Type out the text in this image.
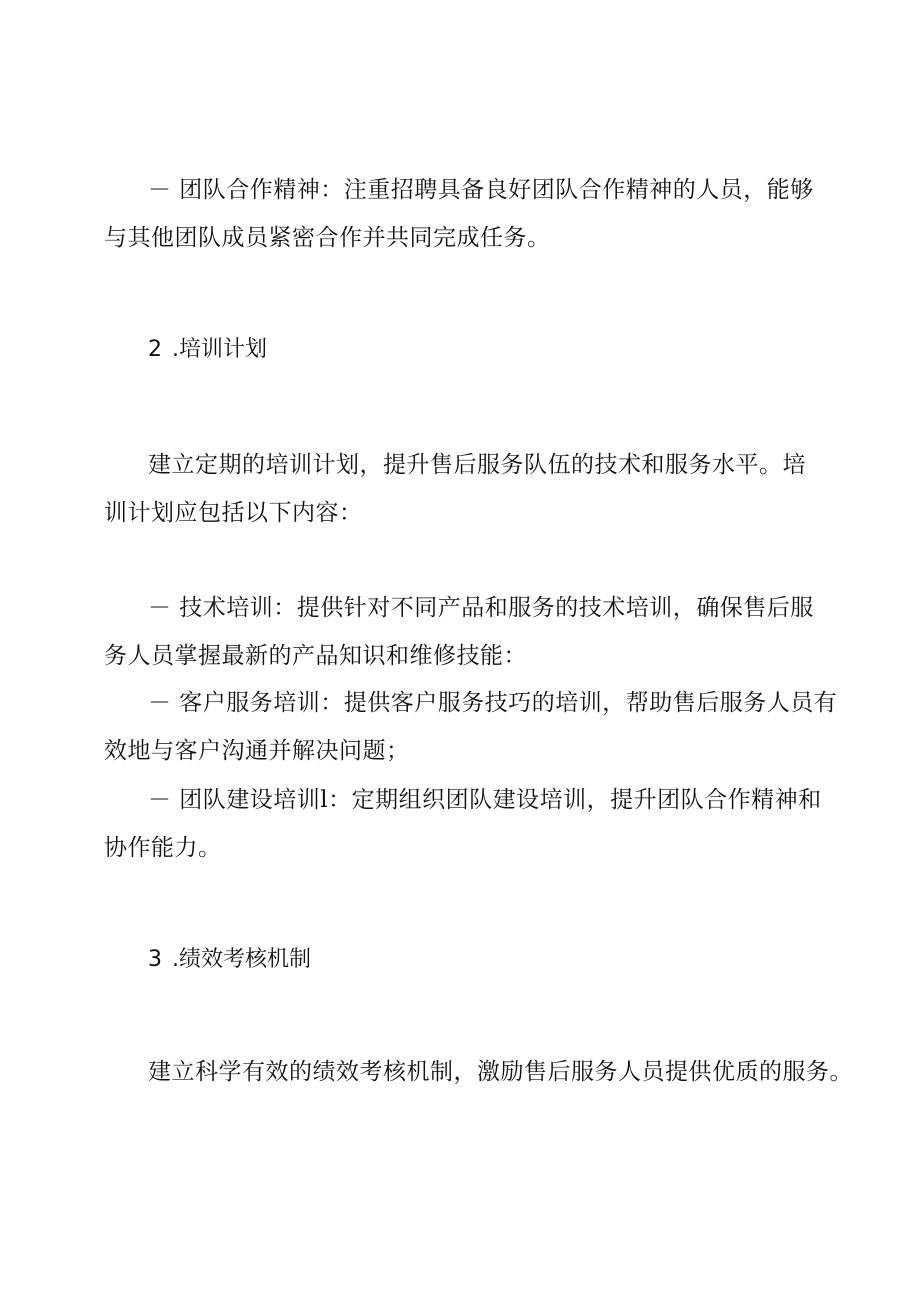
－ 团队合作精神：注重招聘具备良好团队合作精神的人员，能够
与其他团队成员紧密合作并共同完成任务。
2 .培训计划
建立定期的培训计划，提升售后服务队伍的技术和服务水平。培
训计划应包括以下内容：
－ 技术培训：提供针对不同产品和服务的技术培训，确保售后服
务人员掌握最新的产品知识和维修技能：
－ 客户服务培训：提供客户服务技巧的培训，帮助售后服务人员有
效地与客户沟通并解决问题；
－ 团队建设培训l：定期组织团队建设培训，提升团队合作精神和
协作能力。
3 .绩效考核机制
建立科学有效的绩效考核机制，激励售后服务人员提供优质的服务。
